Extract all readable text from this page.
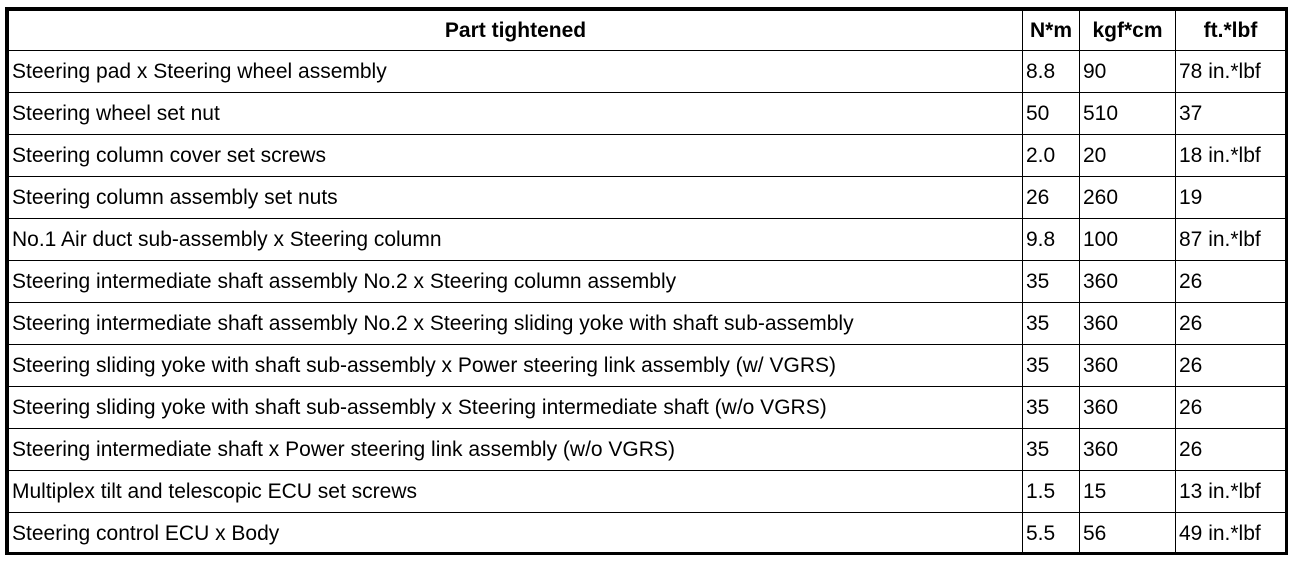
Part tightened	N*m	kgf*cm	ft.*lbf
Steering pad x Steering wheel assembly	8.8	90	78 in.*lbf
Steering wheel set nut	50	510	37
Steering column cover set screws	2.0	20	18 in.*lbf
Steering column assembly set nuts	26	260	19
No.1 Air duct sub-assembly x Steering column	9.8	100	87 in.*lbf
Steering intermediate shaft assembly No.2 x Steering column assembly	35	360	26
Steering intermediate shaft assembly No.2 x Steering sliding yoke with shaft sub-assembly	35	360	26
Steering sliding yoke with shaft sub-assembly x Power steering link assembly (w/ VGRS)	35	360	26
Steering sliding yoke with shaft sub-assembly x Steering intermediate shaft (w/o VGRS)	35	360	26
Steering intermediate shaft x Power steering link assembly (w/o VGRS)	35	360	26
Multiplex tilt and telescopic ECU set screws	1.5	15	13 in.*lbf
Steering control ECU x Body	5.5	56	49 in.*lbf
